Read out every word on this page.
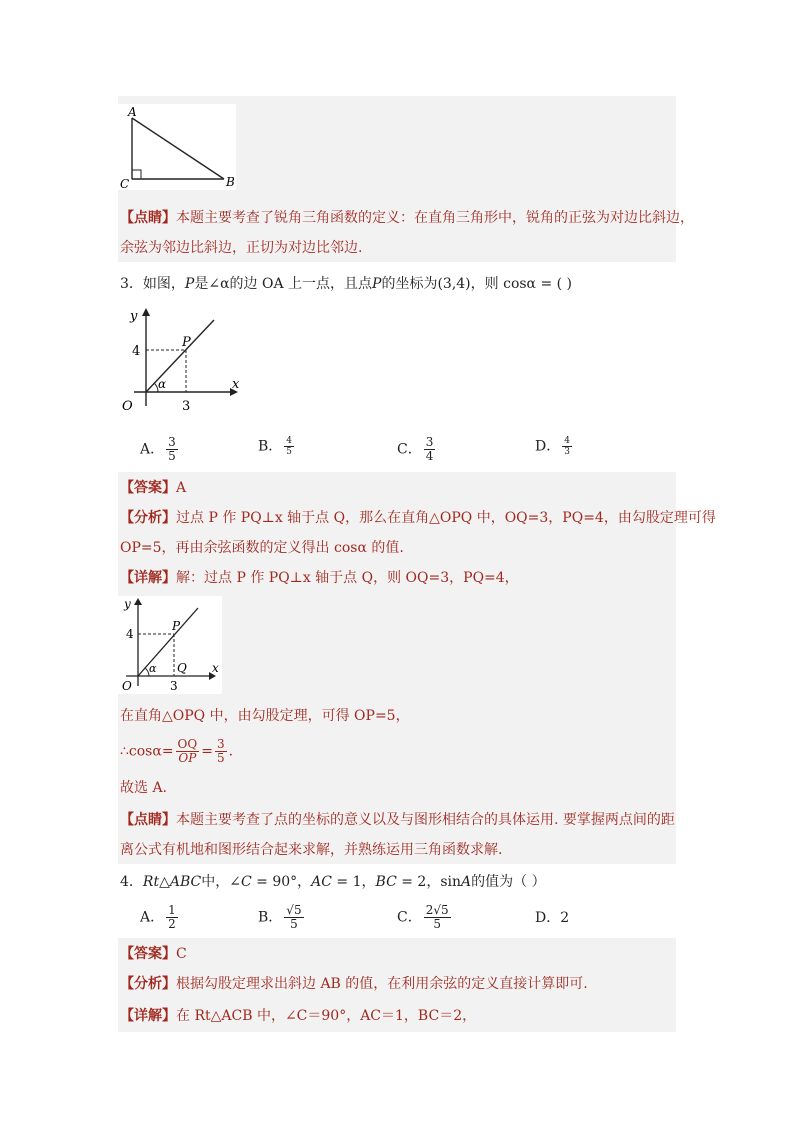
A
C	B
【点睛】本题主要考查了锐角三角函数的定义：在直角三角形中，锐角的正弦为对边比斜边，
余弦为邻边比斜边，正切为对边比邻边.
3．如图，P是∠α的边 OA 上一点，且点P的坐标为(3,4)，则 cosα = ( )
y
x
O
P
4
3
α
A． $\frac{3}{5}$	B． $\frac{4}{5}$	C． $\frac{3}{4}$	D． $\frac{4}{3}$
【答案】A
【分析】过点 P 作 PQ⊥x 轴于点 Q，那么在直角△OPQ 中，OQ=3，PQ=4，由勾股定理可得
OP=5，再由余弦函数的定义得出 cosα 的值.
【详解】解：过点 P 作 PQ⊥x 轴于点 Q，则 OQ=3，PQ=4，
y
x
O
P
Q
4
3
α
在直角△OPQ 中，由勾股定理，可得 OP=5，
∴cosα= $\frac{OQ}{OP} = \frac{3}{5}$ .
故选 A.
【点睛】本题主要考查了点的坐标的意义以及与图形相结合的具体运用. 要掌握两点间的距
离公式有机地和图形结合起来求解，并熟练运用三角函数求解.
4．Rt△ABC中，∠C = 90°，AC = 1，BC = 2，sinA的值为（ ）
A． $\frac{1}{2}$	B． $\frac{√5}{5}$	C． $\frac{2√5}{5}$	D．2
【答案】C
【分析】根据勾股定理求出斜边 AB 的值，在利用余弦的定义直接计算即可.
【详解】在 Rt△ACB 中，∠C＝90°，AC＝1，BC＝2，
